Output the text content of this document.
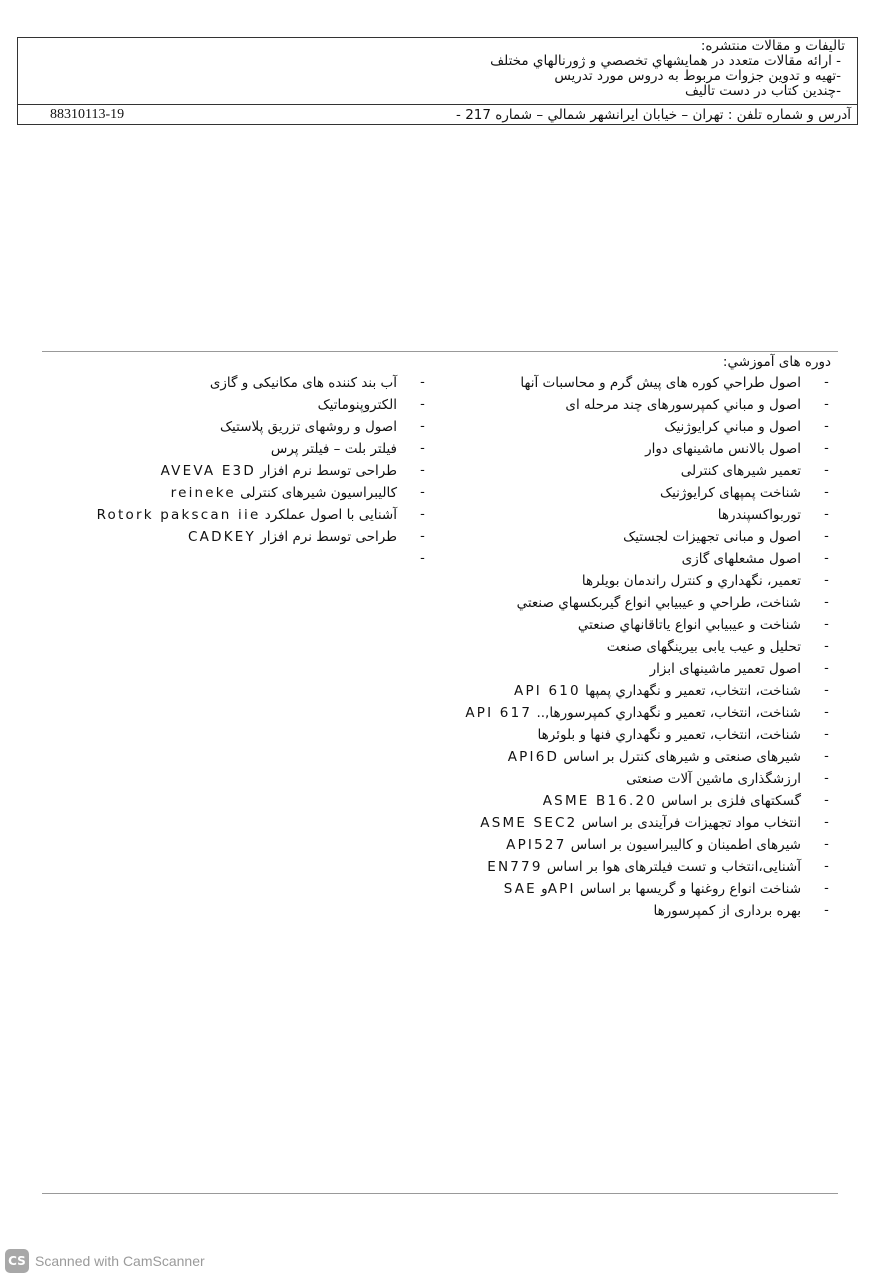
تاليفات و مقالات منتشره:
- ارائه مقالات متعدد در همايشهاي تخصصي و ژورنالهاي مختلف
-تهيه و تدوين جزوات مربوط به دروس مورد تدريس
-چندين كتاب در دست تاليف
آدرس و شماره تلفن : تهران – خیابان ایرانشهر شمالي – شماره 217 -
88310113-19
دوره های آموزشي:
-
اصول طراحي كوره های پیش گرم و محاسبات آنها
-
اصول و مباني كمپرسورهای چند مرحله ای
-
اصول و مباني كرايوژنيک
-
اصول بالانس ماشینهای دوار
-
تعمیر شیرهای کنترلی
-
شناخت پمپهای کرایوژنیک
-
توربواکسپندرها
-
اصول و مبانی تجهیزات لجستیک
-
اصول مشعلهای گازی
-
تعمیر، نگهداري و كنترل راندمان بويلرها
-
شناخت، طراحي و عيبيابي انواع گيربكسهاي صنعتي
-
شناخت و عيبيابي انواع ياتاقانهاي صنعتي
-
تحلیل و عیب یابی بیرینگهای صنعت
-
اصول تعمیر ماشینهای ابزار
-
شناخت، انتخاب، تعمير و نگهداري پمپها API 610
-
شناخت، انتخاب، تعمير و نگهداري كمپرسورها,.. API 617
-
شناخت، انتخاب، تعمير و نگهداري فنها و بلوئرها
-
شیرهای صنعتی و شیرهای کنترل بر اساس API6D
-
ارزشگذاری ماشین آلات صنعتی
-
گسکتهای فلزی بر اساس ASME B16.20
-
انتخاب مواد تجهیزات فرآیندی بر اساس ASME SEC2
-
شیرهای اطمینان و کالیبراسیون بر اساس API527
-
آشنایی،انتخاب و تست فیلترهای هوا بر اساس EN779
-
شناخت انواع روغنها و گریسها بر اساس APIو SAE
-
بهره برداری از کمپرسورها
-
آب بند کننده های مکانیکی و گازی
-
الکتروپنوماتیک
-
اصول و روشهای تزریق پلاستیک
-
فیلتر بلت – فیلتر پرس
-
طراحی توسط نرم افزار AVEVA E3D
-
کالیبراسیون شیرهای کنترلی reineke
-
آشنایی با اصول عملکرد Rotork pakscan iie
-
طراحی توسط نرم افزار CADKEY
-

CS Scanned with CamScanner
